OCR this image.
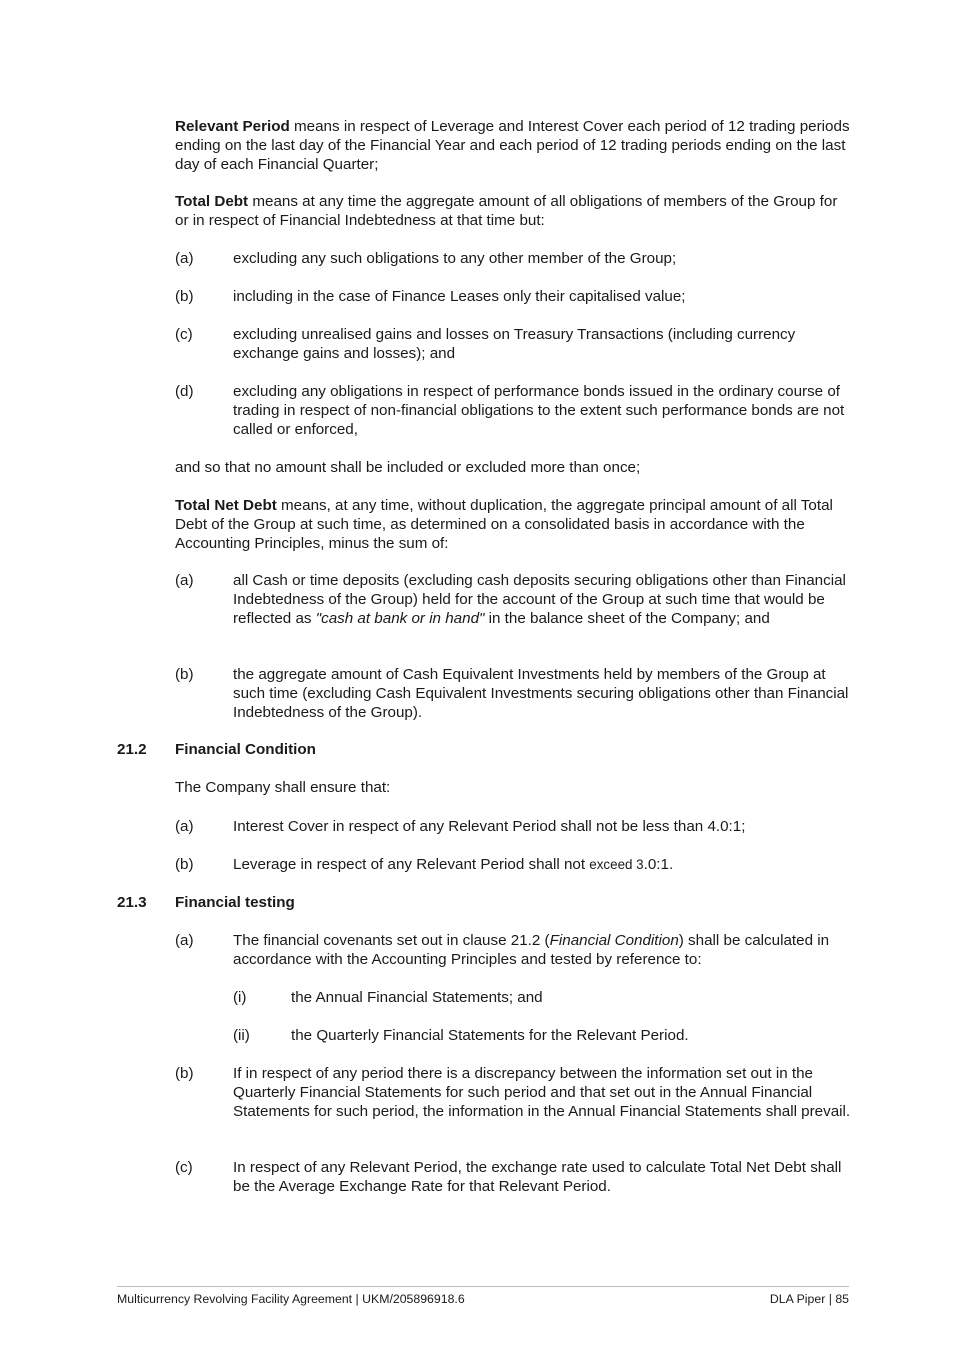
Relevant Period means in respect of Leverage and Interest Cover each period of 12 trading periods ending on the last day of the Financial Year and each period of 12 trading periods ending on the last day of each Financial Quarter;

Total Debt means at any time the aggregate amount of all obligations of members of the Group for or in respect of Financial Indebtedness at that time but:

(a)	excluding any such obligations to any other member of the Group;
(b)	including in the case of Finance Leases only their capitalised value;
(c)	excluding unrealised gains and losses on Treasury Transactions (including currency exchange gains and losses); and
(d)	excluding any obligations in respect of performance bonds issued in the ordinary course of trading in respect of non-financial obligations to the extent such performance bonds are not called or enforced,

and so that no amount shall be included or excluded more than once;

Total Net Debt means, at any time, without duplication, the aggregate principal amount of all Total Debt of the Group at such time, as determined on a consolidated basis in accordance with the Accounting Principles, minus the sum of:

(a)	all Cash or time deposits (excluding cash deposits securing obligations other than Financial Indebtedness of the Group) held for the account of the Group at such time that would be reflected as "cash at bank or in hand" in the balance sheet of the Company; and
(b)	the aggregate amount of Cash Equivalent Investments held by members of the Group at such time (excluding Cash Equivalent Investments securing obligations other than Financial Indebtedness of the Group).
21.2 Financial Condition

The Company shall ensure that:

(a)	Interest Cover in respect of any Relevant Period shall not be less than 4.0:1;
(b)	Leverage in respect of any Relevant Period shall not exceed 3.0:1.
21.3 Financial testing
(a)	The financial covenants set out in clause 21.2 (Financial Condition) shall be calculated in accordance with the Accounting Principles and tested by reference to:
(i)	the Annual Financial Statements; and
(ii)	the Quarterly Financial Statements for the Relevant Period.
(b)	If in respect of any period there is a discrepancy between the information set out in the Quarterly Financial Statements for such period and that set out in the Annual Financial Statements for such period, the information in the Annual Financial Statements shall prevail.
(c)	In respect of any Relevant Period, the exchange rate used to calculate Total Net Debt shall be the Average Exchange Rate for that Relevant Period.
Multicurrency Revolving Facility Agreement | UKM/205896918.6	DLA Piper | 85
